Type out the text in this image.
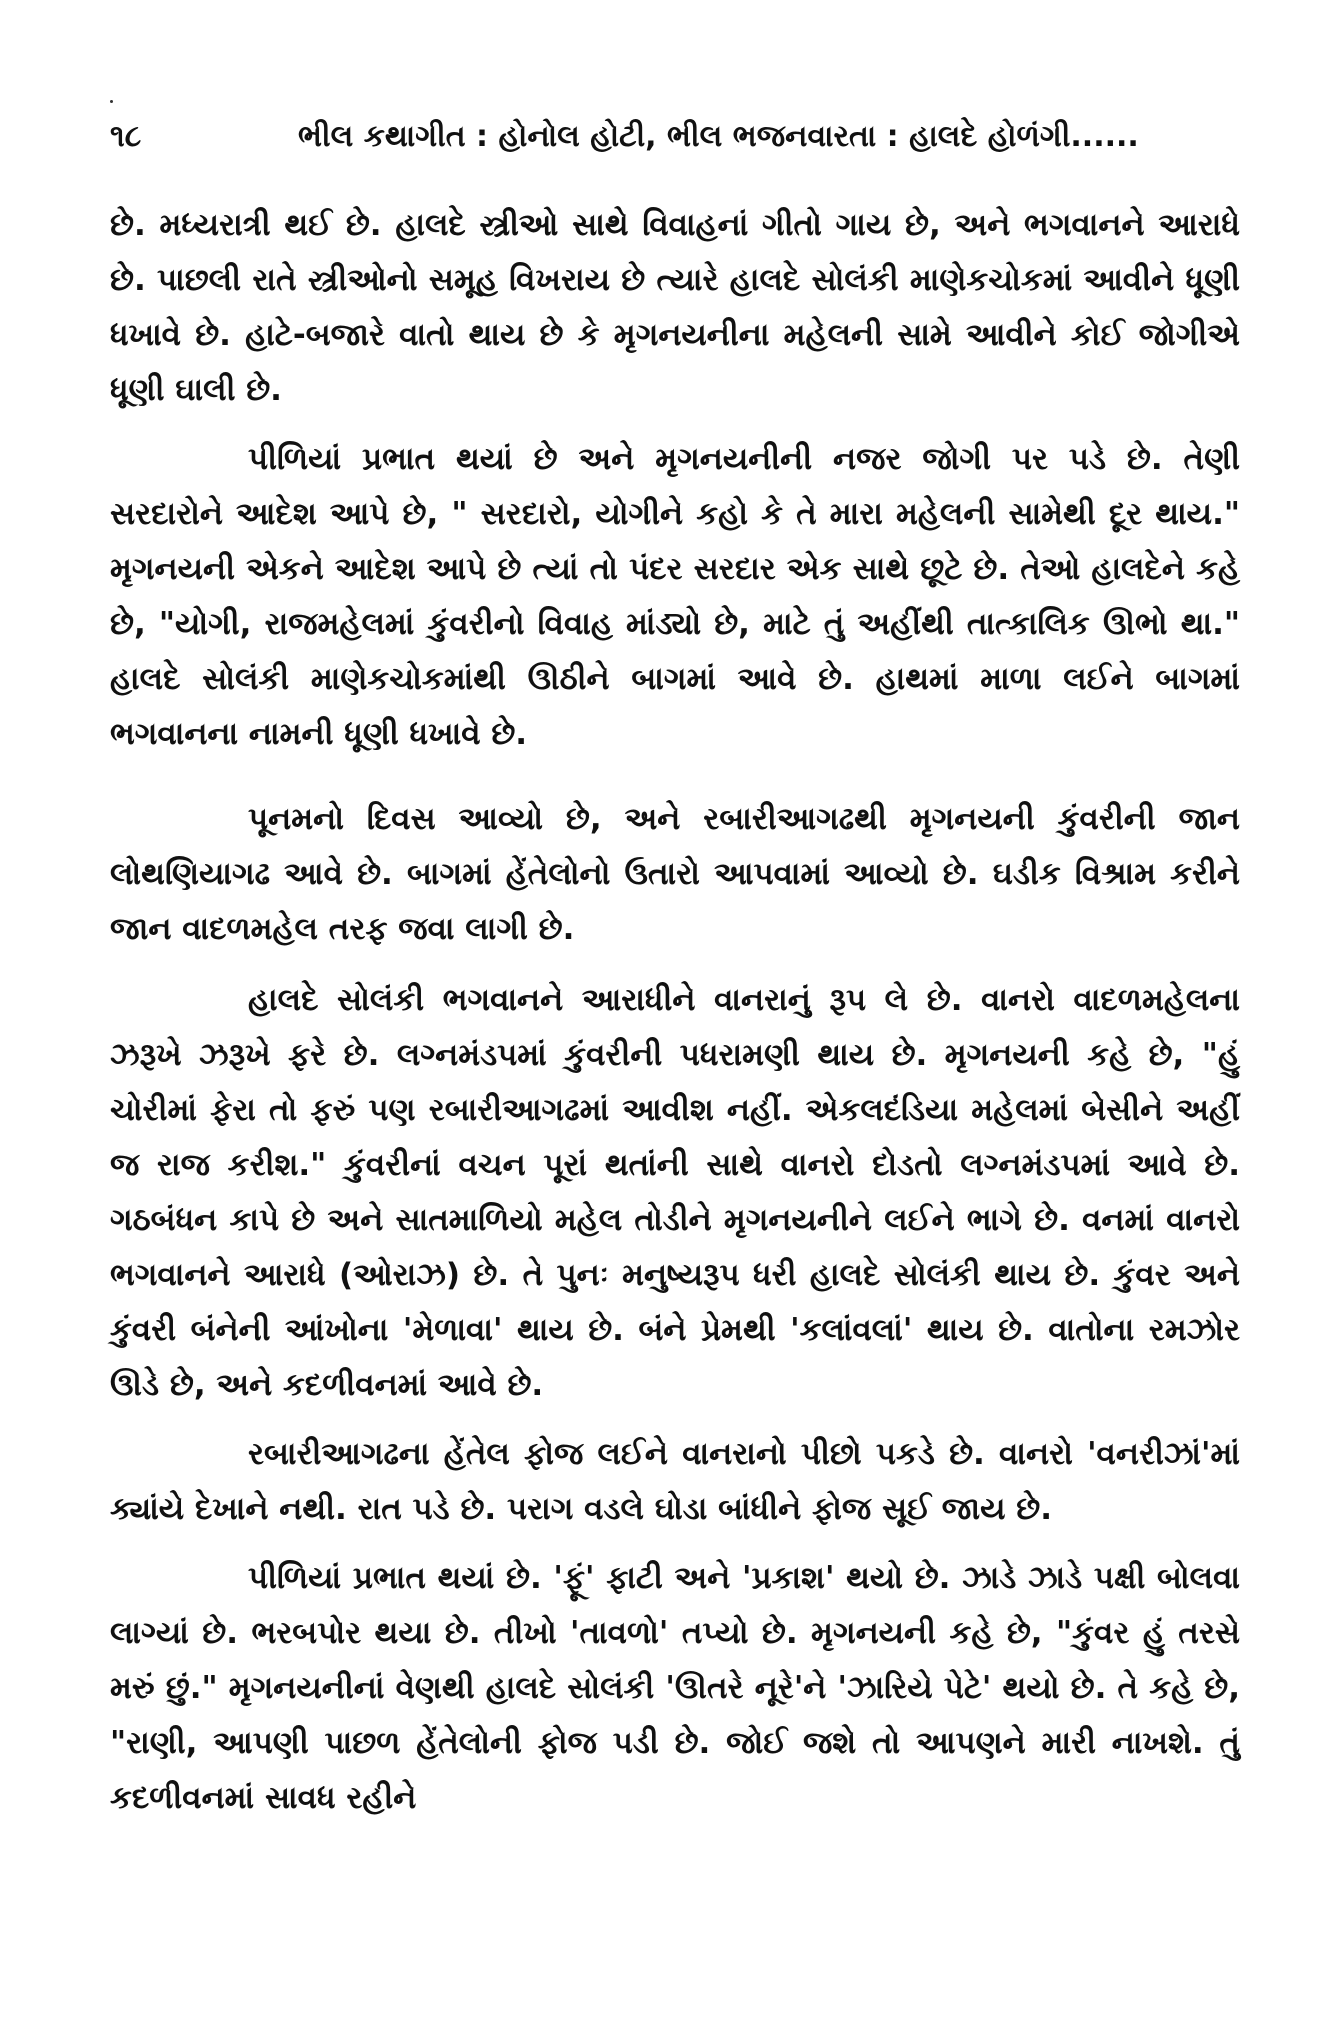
૧૮	ભીલ કથાગીત : હોનોલ હોટી, ભીલ ભજનવારતા : હાલદે હોળંગી......

છે. મધ્યરાત્રી થઈ છે. હાલદે સ્ત્રીઓ સાથે વિવાહનાં ગીતો ગાય છે, અને ભગવાનને આરાધે છે. પાછલી રાતે સ્ત્રીઓનો સમૂહ વિખરાય છે ત્યારે હાલદે સોલંકી માણેકચોકમાં આવીને ધૂણી ધખાવે છે. હાટે-બજારે વાતો થાય છે કે મૃગનયનીના મહેલની સામે આવીને કોઈ જોગીએ ધૂણી ઘાલી છે.

પીળિયાં પ્રભાત થયાં છે અને મૃગનયનીની નજર જોગી પર પડે છે. તેણી સરદારોને આદેશ આપે છે, " સરદારો, યોગીને કહો કે તે મારા મહેલની સામેથી દૂર થાય." મૃગનયની એકને આદેશ આપે છે ત્યાં તો પંદર સરદાર એક સાથે છૂટે છે. તેઓ હાલદેને કહે છે, "યોગી, રાજમહેલમાં કુંવરીનો વિવાહ માંડ્યો છે, માટે તું અહીંથી તાત્કાલિક ઊભો થા." હાલદે સોલંકી માણેકચોકમાંથી ઊઠીને બાગમાં આવે છે. હાથમાં માળા લઈને બાગમાં ભગવાનના નામની ધૂણી ધખાવે છે.

પૂનમનો દિવસ આવ્યો છે, અને રબારીઆગઢથી મૃગનયની કુંવરીની જાન લોથણિયાગઢ આવે છે. બાગમાં હેંતેલોનો ઉતારો આપવામાં આવ્યો છે. ઘડીક વિશ્રામ કરીને જાન વાદળમહેલ તરફ જવા લાગી છે.

હાલદે સોલંકી ભગવાનને આરાધીને વાનરાનું રૂપ લે છે. વાનરો વાદળમહેલના ઝરૂખે ઝરૂખે ફરે છે. લગ્નમંડપમાં કુંવરીની પધરામણી થાય છે. મૃગનયની કહે છે, "હું ચોરીમાં ફેરા તો ફરું પણ રબારીઆગઢમાં આવીશ નહીં. એકલદંડિયા મહેલમાં બેસીને અહીં જ રાજ કરીશ." કુંવરીનાં વચન પૂરાં થતાંની સાથે વાનરો દોડતો લગ્નમંડપમાં આવે છે. ગઠબંધન કાપે છે અને સાતમાળિયો મહેલ તોડીને મૃગનયનીને લઈને ભાગે છે. વનમાં વાનરો ભગવાનને આરાધે (ઓરાઝ) છે. તે પુનઃ મનુષ્યરૂપ ધરી હાલદે સોલંકી થાય છે. કુંવર અને કુંવરી બંનેની આંખોના 'મેળાવા' થાય છે. બંને પ્રેમથી 'કલાંવલાં' થાય છે. વાતોના રમઝોર ઊડે છે, અને કદળીવનમાં આવે છે.

રબારીઆગઢના હેંતેલ ફોજ લઈને વાનરાનો પીછો પકડે છે. વાનરો 'વનરીઝાં'માં ક્યાંયે દેખાને નથી. રાત પડે છે. પરાગ વડલે ઘોડા બાંધીને ફોજ સૂઈ જાય છે.

પીળિયાં પ્રભાત થયાં છે. 'ફૂં' ફાટી અને 'પ્રકાશ' થયો છે. ઝાડે ઝાડે પક્ષી બોલવા લાગ્યાં છે. ભરબપોર થયા છે. તીખો 'તાવળો' તપ્યો છે. મૃગનયની કહે છે, "કુંવર હું તરસે મરું છું." મૃગનયનીનાં વેણથી હાલદે સોલંકી 'ઊતરે નૂરે'ને 'ઝારિયે પેટે' થયો છે. તે કહે છે, "રાણી, આપણી પાછળ હેંતેલોની ફોજ પડી છે. જોઈ જશે તો આપણને મારી નાખશે. તું કદળીવનમાં સાવધ રહીને
